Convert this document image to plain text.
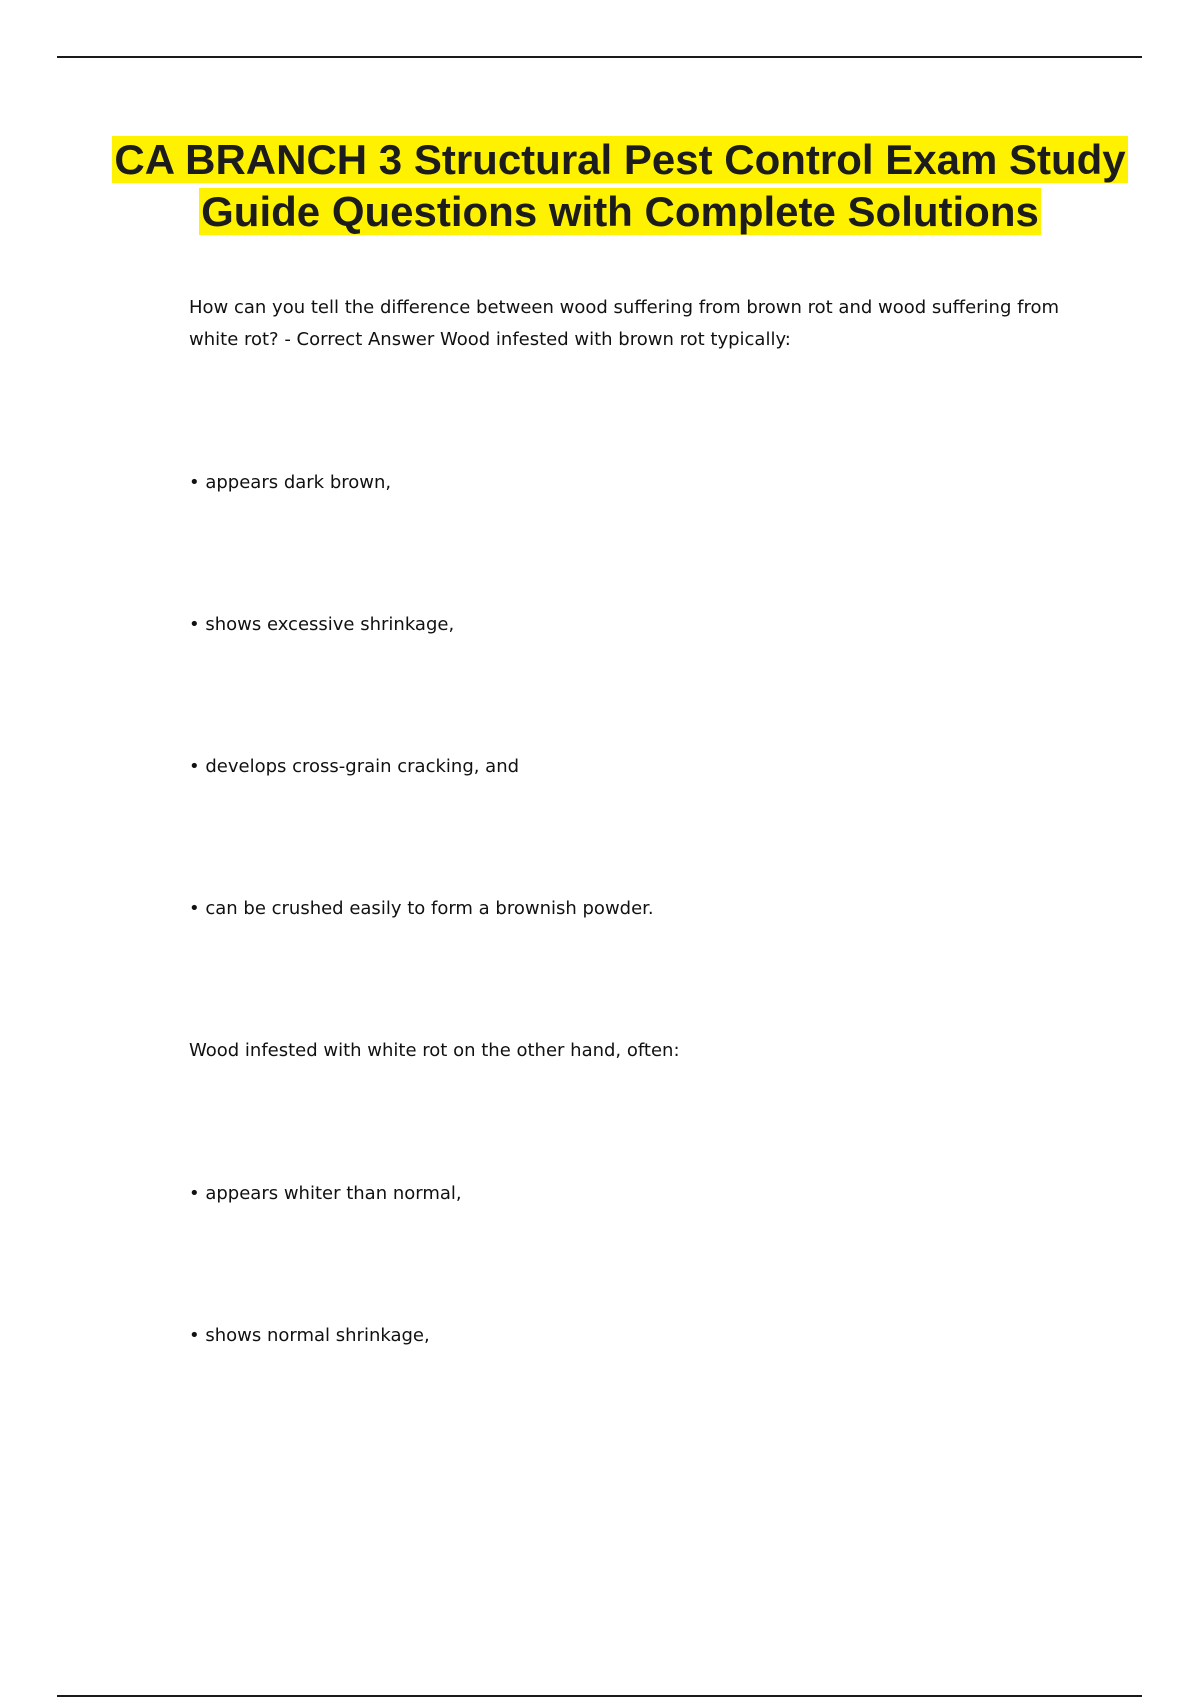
CA BRANCH 3 Structural Pest Control Exam Study Guide Questions with Complete Solutions

How can you tell the difference between wood suffering from brown rot and wood suffering from white rot? - Correct Answer Wood infested with brown rot typically:

• appears dark brown,

• shows excessive shrinkage,

• develops cross-grain cracking, and

• can be crushed easily to form a brownish powder.

Wood infested with white rot on the other hand, often:

• appears whiter than normal,

• shows normal shrinkage,
